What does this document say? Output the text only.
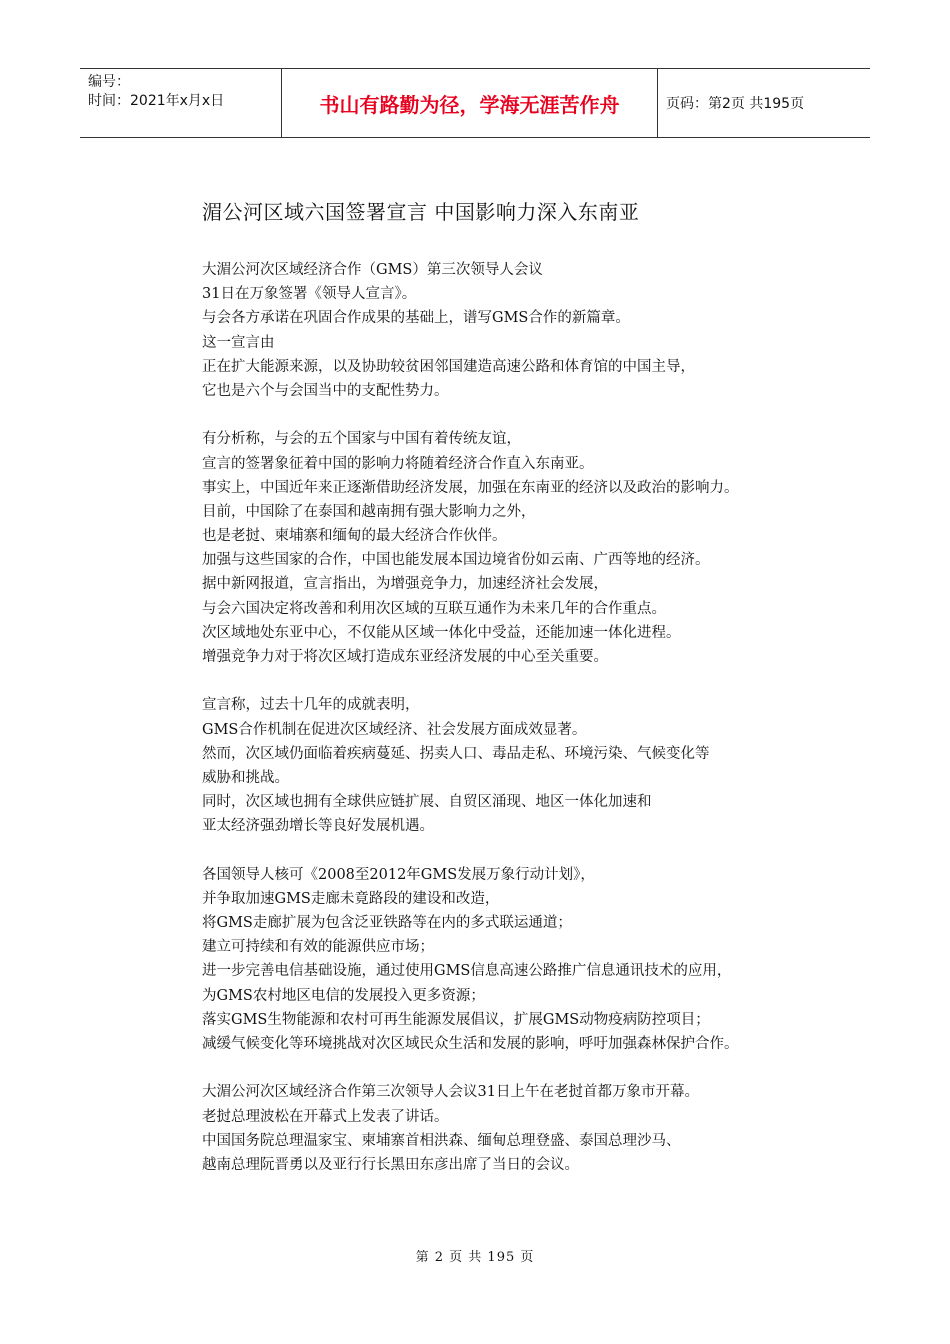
编号：
时间：2021年x月x日	书山有路勤为径，学海无涯苦作舟	页码：第2页 共195页
湄公河区域六国签署宣言 中国影响力深入东南亚
大湄公河次区域经济合作（GMS）第三次领导人会议
31日在万象签署《领导人宣言》。
与会各方承诺在巩固合作成果的基础上，谱写GMS合作的新篇章。
这一宣言由
正在扩大能源来源，以及协助较贫困邻国建造高速公路和体育馆的中国主导，
它也是六个与会国当中的支配性势力。
有分析称，与会的五个国家与中国有着传统友谊，
宣言的签署象征着中国的影响力将随着经济合作直入东南亚。
事实上，中国近年来正逐渐借助经济发展，加强在东南亚的经济以及政治的影响力。
目前，中国除了在泰国和越南拥有强大影响力之外，
也是老挝、柬埔寨和缅甸的最大经济合作伙伴。
加强与这些国家的合作，中国也能发展本国边境省份如云南、广西等地的经济。
据中新网报道，宣言指出，为增强竞争力，加速经济社会发展，
与会六国决定将改善和利用次区域的互联互通作为未来几年的合作重点。
次区域地处东亚中心，不仅能从区域一体化中受益，还能加速一体化进程。
增强竞争力对于将次区域打造成东亚经济发展的中心至关重要。
宣言称，过去十几年的成就表明，
GMS合作机制在促进次区域经济、社会发展方面成效显著。
然而，次区域仍面临着疾病蔓延、拐卖人口、毒品走私、环境污染、气候变化等
威胁和挑战。
同时，次区域也拥有全球供应链扩展、自贸区涌现、地区一体化加速和
亚太经济强劲增长等良好发展机遇。
各国领导人核可《2008至2012年GMS发展万象行动计划》，
并争取加速GMS走廊未竟路段的建设和改造，
将GMS走廊扩展为包含泛亚铁路等在内的多式联运通道；
建立可持续和有效的能源供应市场；
进一步完善电信基础设施，通过使用GMS信息高速公路推广信息通讯技术的应用，
为GMS农村地区电信的发展投入更多资源；
落实GMS生物能源和农村可再生能源发展倡议，扩展GMS动物疫病防控项目；
减缓气候变化等环境挑战对次区域民众生活和发展的影响，呼吁加强森林保护合作。
大湄公河次区域经济合作第三次领导人会议31日上午在老挝首都万象市开幕。
老挝总理波松在开幕式上发表了讲话。
中国国务院总理温家宝、柬埔寨首相洪森、缅甸总理登盛、泰国总理沙马、
越南总理阮晋勇以及亚行行长黑田东彦出席了当日的会议。
第 2 页 共 195 页
